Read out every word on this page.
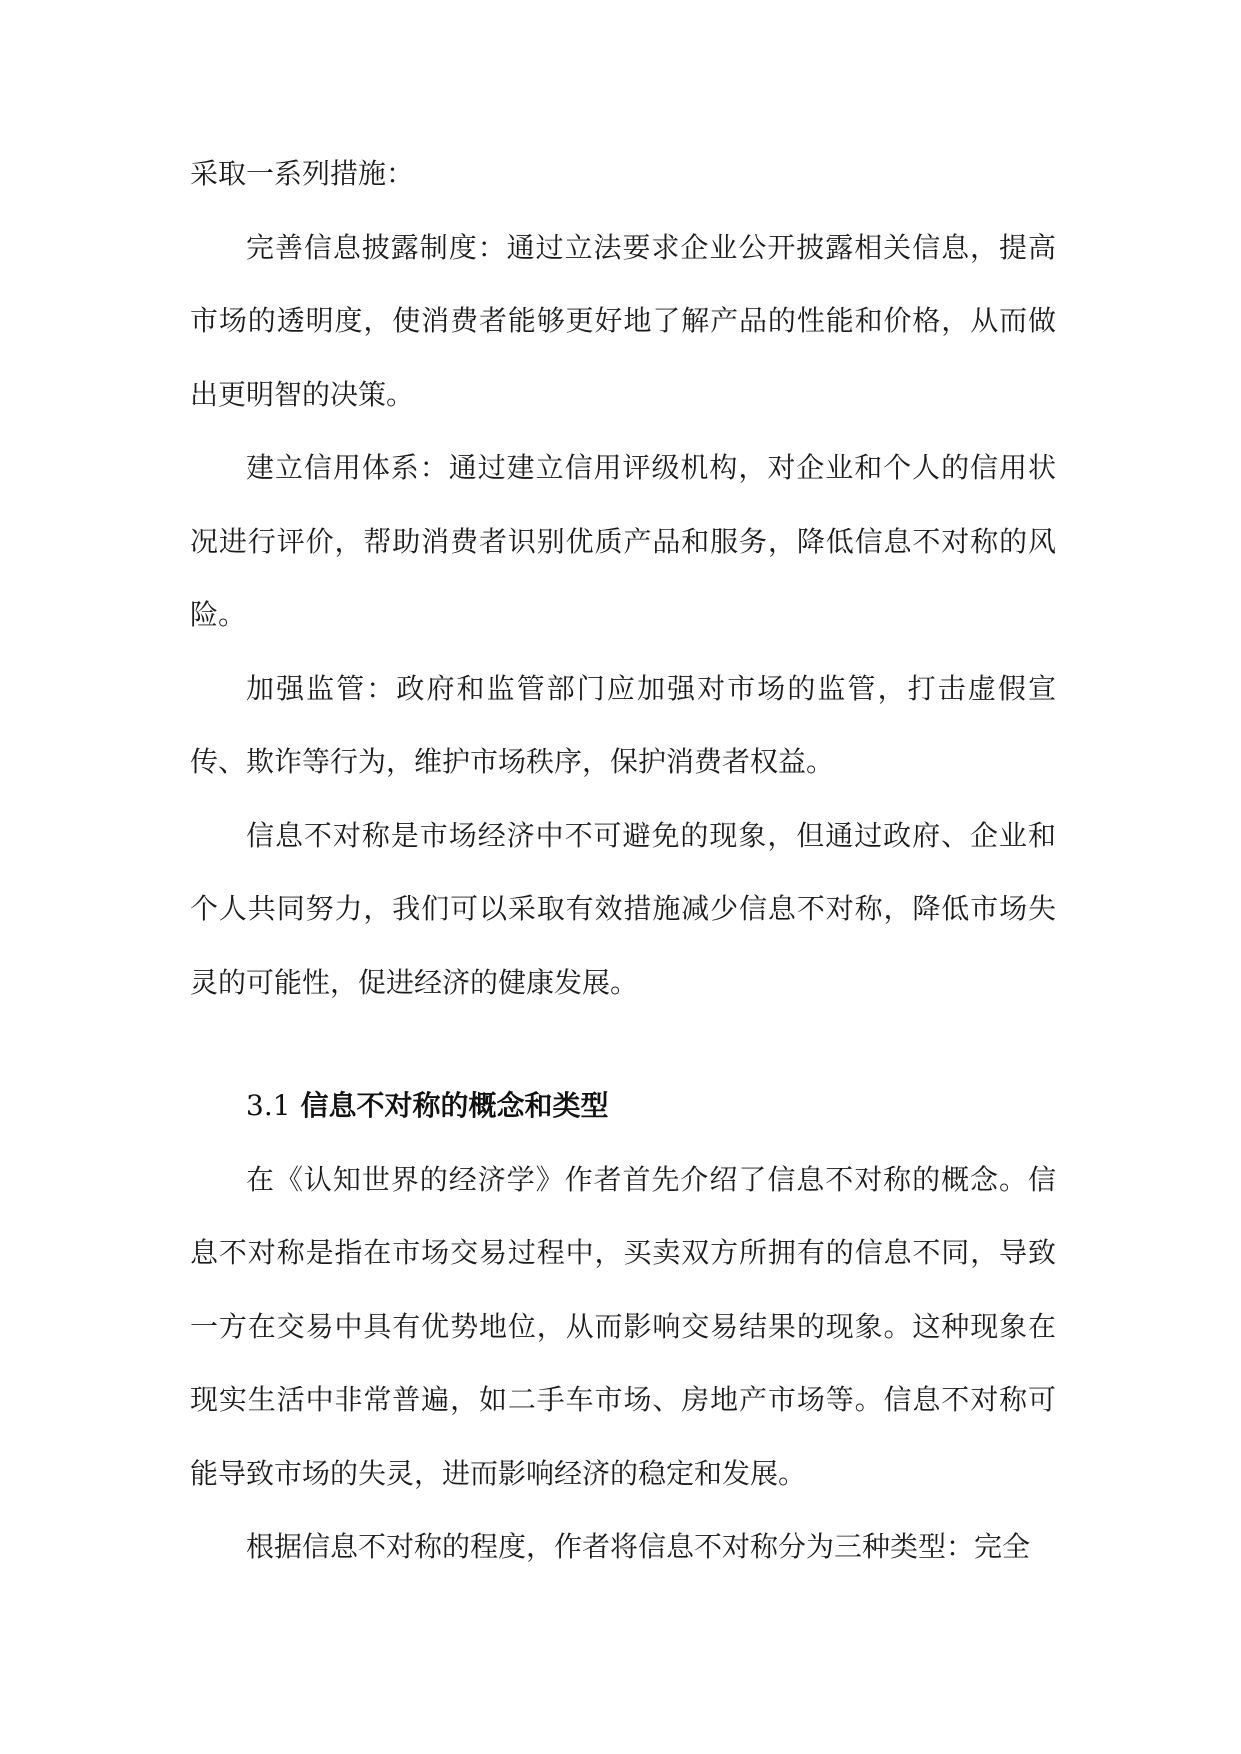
采取一系列措施：

完善信息披露制度：通过立法要求企业公开披露相关信息，提高市场的透明度，使消费者能够更好地了解产品的性能和价格，从而做出更明智的决策。

建立信用体系：通过建立信用评级机构，对企业和个人的信用状况进行评价，帮助消费者识别优质产品和服务，降低信息不对称的风险。

加强监管：政府和监管部门应加强对市场的监管，打击虚假宣传、欺诈等行为，维护市场秩序，保护消费者权益。

信息不对称是市场经济中不可避免的现象，但通过政府、企业和个人共同努力，我们可以采取有效措施减少信息不对称，降低市场失灵的可能性，促进经济的健康发展。

3.1 信息不对称的概念和类型

在《认知世界的经济学》作者首先介绍了信息不对称的概念。信息不对称是指在市场交易过程中，买卖双方所拥有的信息不同，导致一方在交易中具有优势地位，从而影响交易结果的现象。这种现象在现实生活中非常普遍，如二手车市场、房地产市场等。信息不对称可能导致市场的失灵，进而影响经济的稳定和发展。

根据信息不对称的程度，作者将信息不对称分为三种类型：完全
